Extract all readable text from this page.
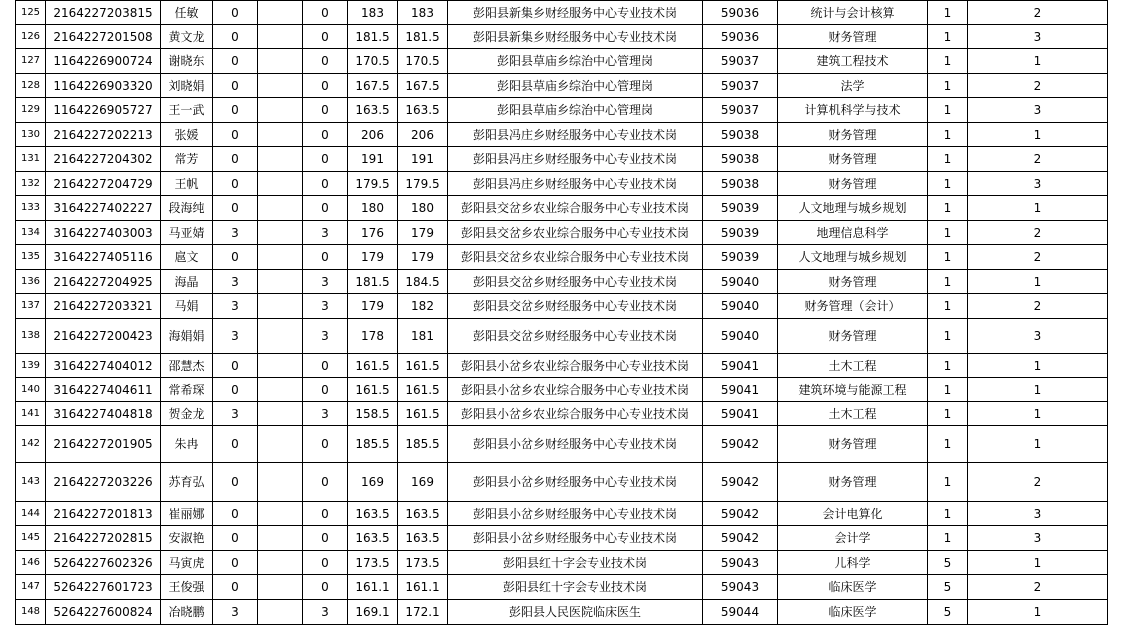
125	2164227203815	任敏	0		0	183	183	彭阳县新集乡财经服务中心专业技术岗	59036	统计与会计核算	1	2
126	2164227201508	黄文龙	0		0	181.5	181.5	彭阳县新集乡财经服务中心专业技术岗	59036	财务管理	1	3
127	1164226900724	谢晓东	0		0	170.5	170.5	彭阳县草庙乡综治中心管理岗	59037	建筑工程技术	1	1
128	1164226903320	刘晓娟	0		0	167.5	167.5	彭阳县草庙乡综治中心管理岗	59037	法学	1	2
129	1164226905727	王一武	0		0	163.5	163.5	彭阳县草庙乡综治中心管理岗	59037	计算机科学与技术	1	3
130	2164227202213	张媛	0		0	206	206	彭阳县冯庄乡财经服务中心专业技术岗	59038	财务管理	1	1
131	2164227204302	常芳	0		0	191	191	彭阳县冯庄乡财经服务中心专业技术岗	59038	财务管理	1	2
132	2164227204729	王帆	0		0	179.5	179.5	彭阳县冯庄乡财经服务中心专业技术岗	59038	财务管理	1	3
133	3164227402227	段海纯	0		0	180	180	彭阳县交岔乡农业综合服务中心专业技术岗	59039	人文地理与城乡规划	1	1
134	3164227403003	马亚婧	3		3	176	179	彭阳县交岔乡农业综合服务中心专业技术岗	59039	地理信息科学	1	2
135	3164227405116	扈文	0		0	179	179	彭阳县交岔乡农业综合服务中心专业技术岗	59039	人文地理与城乡规划	1	2
136	2164227204925	海晶	3		3	181.5	184.5	彭阳县交岔乡财经服务中心专业技术岗	59040	财务管理	1	1
137	2164227203321	马娟	3		3	179	182	彭阳县交岔乡财经服务中心专业技术岗	59040	财务管理（会计）	1	2
138	2164227200423	海娟娟	3		3	178	181	彭阳县交岔乡财经服务中心专业技术岗	59040	财务管理	1	3
139	3164227404012	邵慧杰	0		0	161.5	161.5	彭阳县小岔乡农业综合服务中心专业技术岗	59041	土木工程	1	1
140	3164227404611	常希琛	0		0	161.5	161.5	彭阳县小岔乡农业综合服务中心专业技术岗	59041	建筑环境与能源工程	1	1
141	3164227404818	贺金龙	3		3	158.5	161.5	彭阳县小岔乡农业综合服务中心专业技术岗	59041	土木工程	1	1
142	2164227201905	朱冉	0		0	185.5	185.5	彭阳县小岔乡财经服务中心专业技术岗	59042	财务管理	1	1
143	2164227203226	苏育弘	0		0	169	169	彭阳县小岔乡财经服务中心专业技术岗	59042	财务管理	1	2
144	2164227201813	崔丽娜	0		0	163.5	163.5	彭阳县小岔乡财经服务中心专业技术岗	59042	会计电算化	1	3
145	2164227202815	安淑艳	0		0	163.5	163.5	彭阳县小岔乡财经服务中心专业技术岗	59042	会计学	1	3
146	5264227602326	马寅虎	0		0	173.5	173.5	彭阳县红十字会专业技术岗	59043	儿科学	5	1
147	5264227601723	王俊强	0		0	161.1	161.1	彭阳县红十字会专业技术岗	59043	临床医学	5	2
148	5264227600824	冶晓鹏	3		3	169.1	172.1	彭阳县人民医院临床医生	59044	临床医学	5	1
